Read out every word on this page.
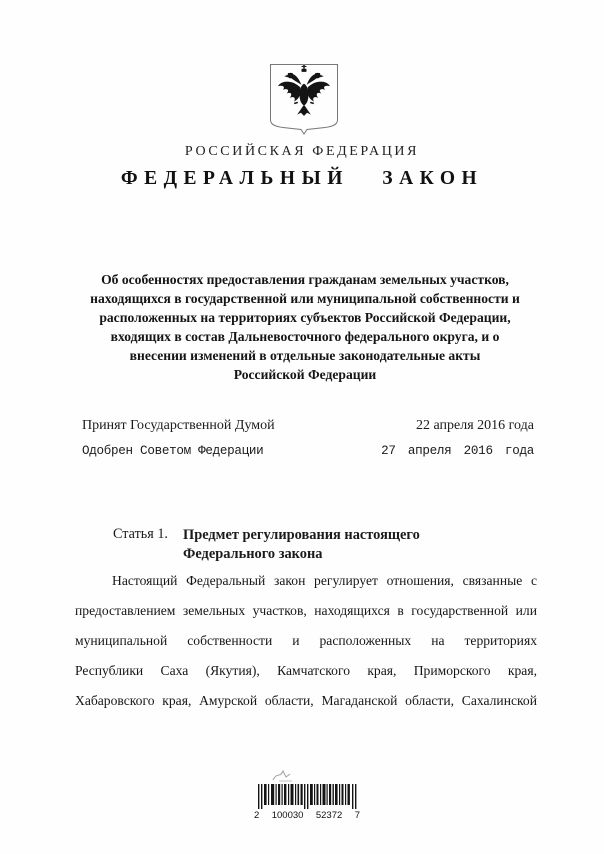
РОССИЙСКАЯ ФЕДЕРАЦИЯ
ФЕДЕРАЛЬНЫЙ ЗАКОН
Об особенностях предоставления гражданам земельных участков,
находящихся в государственной или муниципальной собственности и
расположенных на территориях субъектов Российской Федерации,
входящих в состав Дальневосточного федерального округа, и о
внесении изменений в отдельные законодательные акты
Российской Федерации
Принят Государственной Думой	22 апреля 2016 года
Одобрен Советом Федерации	27 апреля 2016 года
Статья 1.	Предмет регулирования настоящего
Федерального закона
Настоящий Федеральный закон регулирует отношения, связанные с
предоставлением земельных участков, находящихся в государственной или
муниципальной собственности и расположенных на территориях
Республики Саха (Якутия), Камчатского края, Приморского края,
Хабаровского края, Амурской области, Магаданской области, Сахалинской
2 100030 52372 7
